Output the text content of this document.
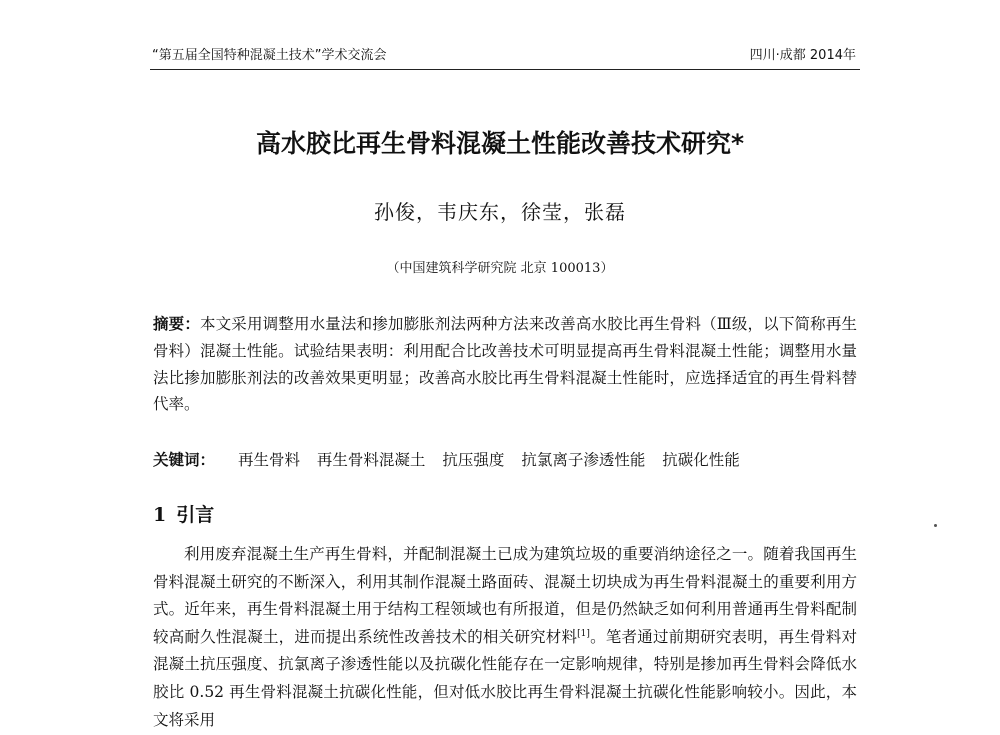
“第五届全国特种混凝土技术”学术交流会	四川·成都 2014年
高水胶比再生骨料混凝土性能改善技术研究*
孙俊，韦庆东，徐莹，张磊
（中国建筑科学研究院 北京 100013）
摘要：本文采用调整用水量法和掺加膨胀剂法两种方法来改善高水胶比再生骨料（Ⅲ级，以下简称再生骨料）混凝土性能。试验结果表明：利用配合比改善技术可明显提高再生骨料混凝土性能；调整用水量法比掺加膨胀剂法的改善效果更明显；改善高水胶比再生骨料混凝土性能时，应选择适宜的再生骨料替代率。
关键词： 再生骨料 再生骨料混凝土 抗压强度 抗氯离子渗透性能 抗碳化性能
1 引言
利用废弃混凝土生产再生骨料，并配制混凝土已成为建筑垃圾的重要消纳途径之一。随着我国再生骨料混凝土研究的不断深入，利用其制作混凝土路面砖、混凝土切块成为再生骨料混凝土的重要利用方式。近年来，再生骨料混凝土用于结构工程领域也有所报道，但是仍然缺乏如何利用普通再生骨料配制较高耐久性混凝土，进而提出系统性改善技术的相关研究材料[1]。笔者通过前期研究表明，再生骨料对混凝土抗压强度、抗氯离子渗透性能以及抗碳化性能存在一定影响规律，特别是掺加再生骨料会降低水胶比 0.52 再生骨料混凝土抗碳化性能，但对低水胶比再生骨料混凝土抗碳化性能影响较小。因此，本文将采用
